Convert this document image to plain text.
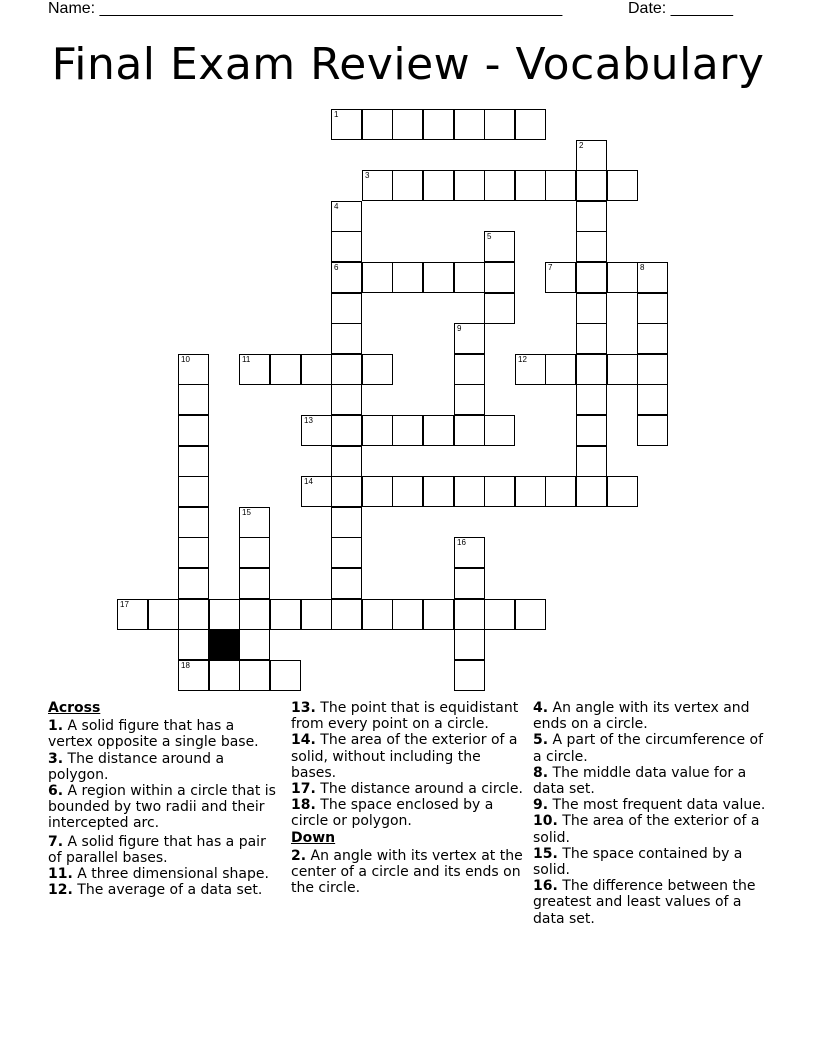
Name: ____________________________________________________	Date: _______
Final Exam Review - Vocabulary
1
2
3
4
5
6	7	8
9
10	11	12
13
14
15
16
17
18
Across
1. A solid figure that has a vertex opposite a single base.
3. The distance around a polygon.
6. A region within a circle that is bounded by two radii and their intercepted arc.
7. A solid figure that has a pair of parallel bases.
11. A three dimensional shape.
12. The average of a data set.
13. The point that is equidistant from every point on a circle.
14. The area of the exterior of a solid, without including the bases.
17. The distance around a circle.
18. The space enclosed by a circle or polygon.
Down
2. An angle with its vertex at the center of a circle and its ends on the circle.
4. An angle with its vertex and ends on a circle.
5. A part of the circumference of a circle.
8. The middle data value for a data set.
9. The most frequent data value.
10. The area of the exterior of a solid.
15. The space contained by a solid.
16. The difference between the greatest and least values of a data set.
